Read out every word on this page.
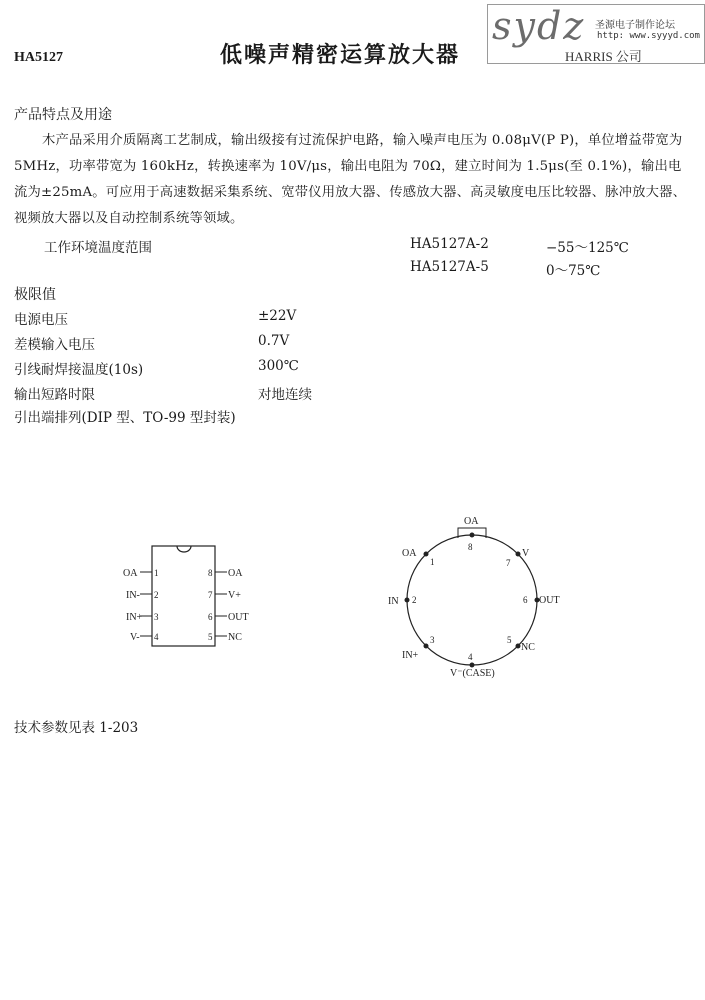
HA5127	低噪声精密运算放大器
sydz 圣源电子制作论坛
http: www.syyyd.com
HARRIS 公司
产品特点及用途
木产品采用介质隔离工艺制成，输出级接有过流保护电路，输入噪声电压为 0.08μV(P P)，单位增益带宽为 5MHz，功率带宽为 160kHz，转换速率为 10V/μs，输出电阻为 70Ω，建立时间为 1.5μs(至 0.1%)，输出电流为±25mA。可应用于高速数据采集系统、宽带仪用放大器、传感放大器、高灵敏度电压比较器、脉冲放大器、视频放大器以及自动控制系统等领域。
工作环境温度范围	HA5127A-2	−55～125℃
HA5127A-5	0～75℃
极限值
电源电压	±22V
差模输入电压	0.7V
引线耐焊接温度(10s)	300℃
输出短路时限	对地连续
引出端排列(DIP 型、TO-99 型封装)
OA 1
IN- 2
IN+ 3
V- 4
8 OA
7 V+
6 OUT
5 NC
OA
8
7
6
5
4
3
2
1
V
OUT
NC
V⁻(CASE)
IN+
IN
OA
技术参数见表 1-203
